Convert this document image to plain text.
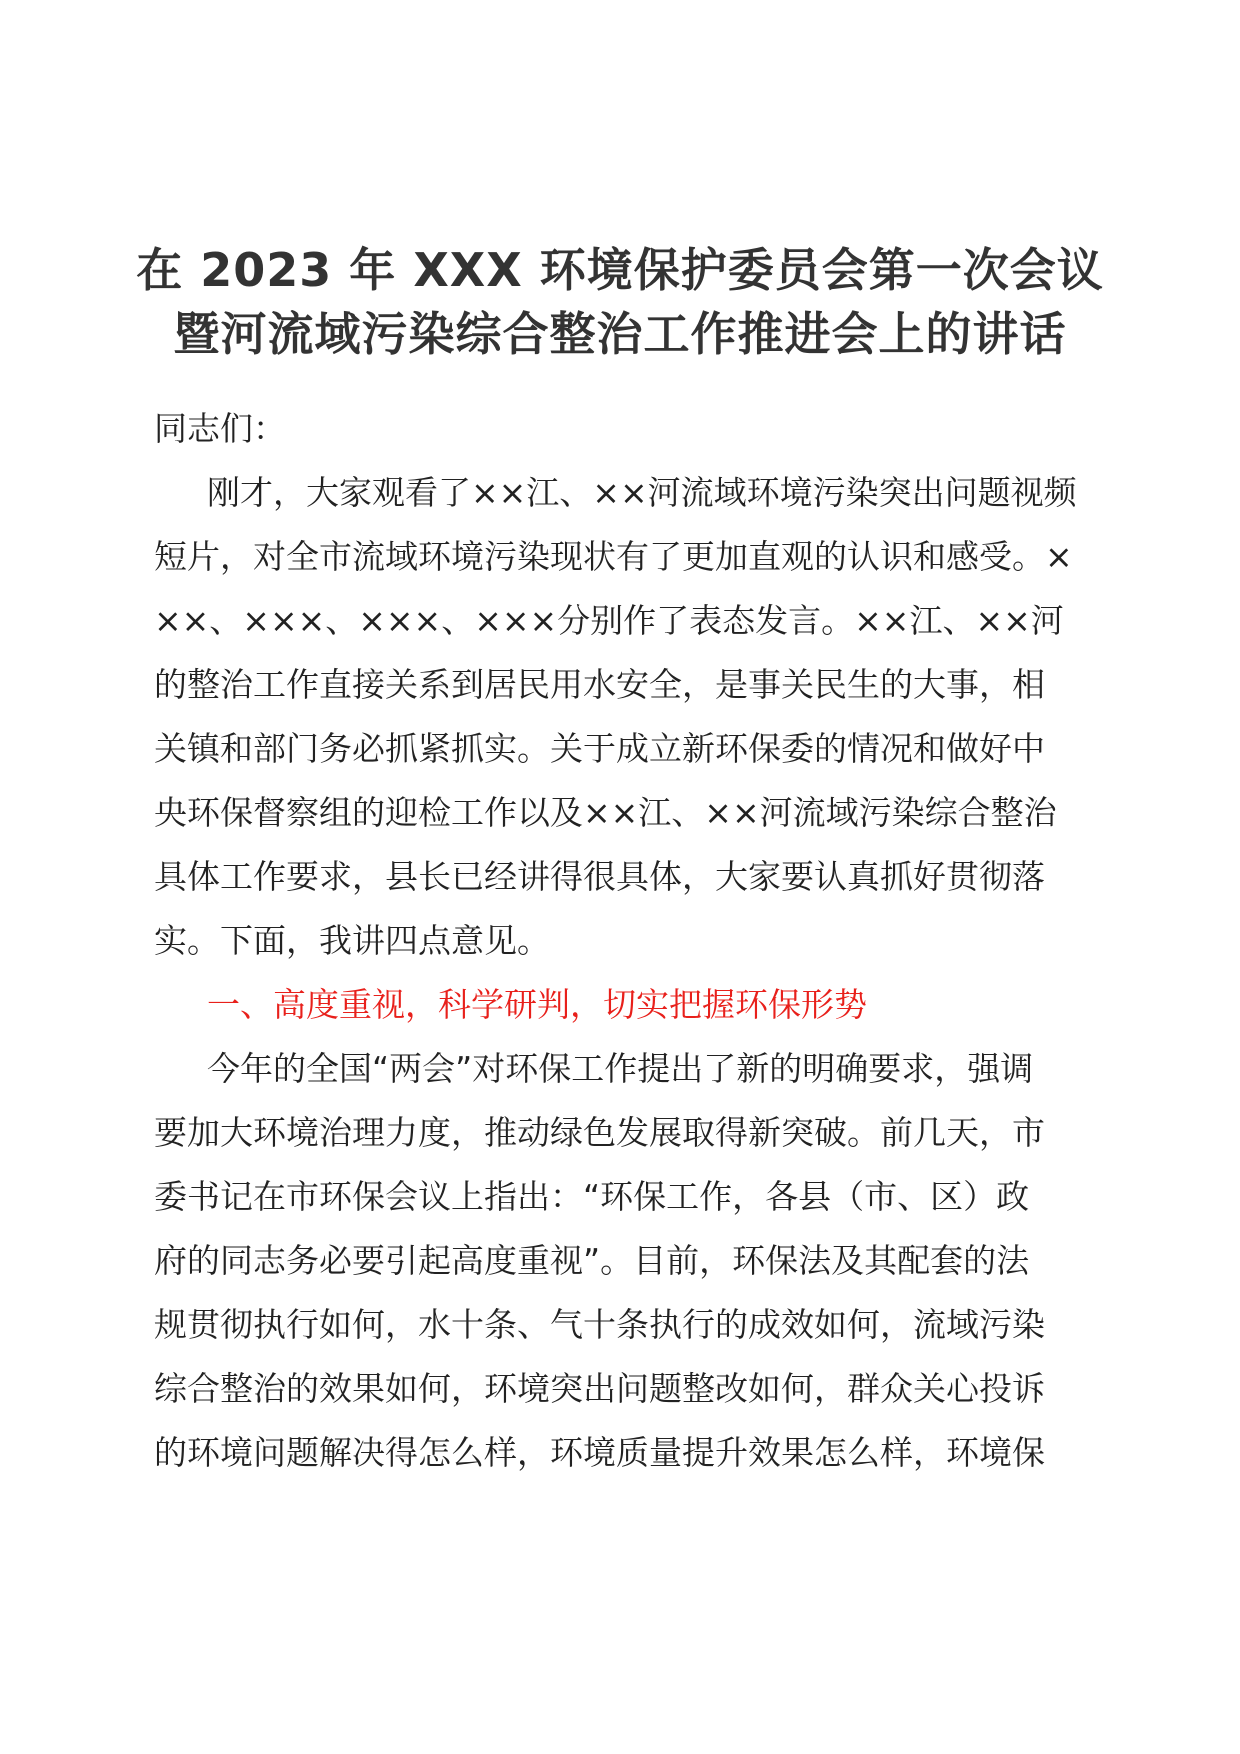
在 2023 年 XXX 环境保护委员会第一次会议
暨河流域污染综合整治工作推进会上的讲话
同志们：
刚才，大家观看了××江、××河流域环境污染突出问题视频
短片，对全市流域环境污染现状有了更加直观的认识和感受。×
××、×××、×××、×××分别作了表态发言。××江、××河
的整治工作直接关系到居民用水安全，是事关民生的大事，相
关镇和部门务必抓紧抓实。关于成立新环保委的情况和做好中
央环保督察组的迎检工作以及××江、××河流域污染综合整治
具体工作要求，县长已经讲得很具体，大家要认真抓好贯彻落
实。下面，我讲四点意见。
一、高度重视，科学研判，切实把握环保形势
今年的全国“两会”对环保工作提出了新的明确要求，强调
要加大环境治理力度，推动绿色发展取得新突破。前几天，市
委书记在市环保会议上指出：“环保工作，各县（市、区）政
府的同志务必要引起高度重视”。目前，环保法及其配套的法
规贯彻执行如何，水十条、气十条执行的成效如何，流域污染
综合整治的效果如何，环境突出问题整改如何，群众关心投诉
的环境问题解决得怎么样，环境质量提升效果怎么样，环境保
